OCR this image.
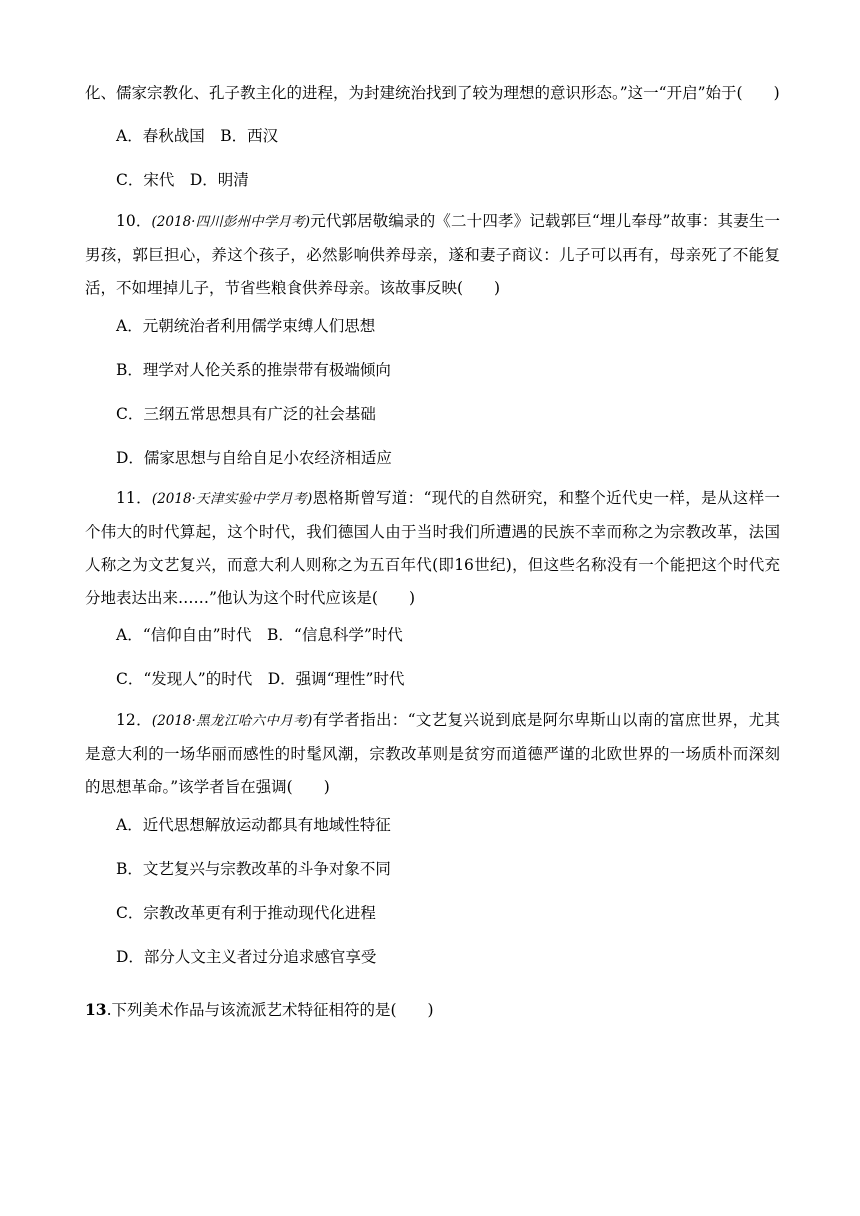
化、儒家宗教化、孔子教主化的进程，为封建统治找到了较为理想的意识形态。”这一“开启”始于(　　)

A．春秋战国　B．西汉

C．宋代　D．明清

10．(2018·四川彭州中学月考)元代郭居敬编录的《二十四孝》记载郭巨“埋儿奉母”故事：其妻生一男孩，郭巨担心，养这个孩子，必然影响供养母亲，遂和妻子商议：儿子可以再有，母亲死了不能复活，不如埋掉儿子，节省些粮食供养母亲。该故事反映(　　)

A．元朝统治者利用儒学束缚人们思想

B．理学对人伦关系的推崇带有极端倾向

C．三纲五常思想具有广泛的社会基础

D．儒家思想与自给自足小农经济相适应

11．(2018·天津实验中学月考)恩格斯曾写道：“现代的自然研究，和整个近代史一样，是从这样一个伟大的时代算起，这个时代，我们德国人由于当时我们所遭遇的民族不幸而称之为宗教改革，法国人称之为文艺复兴，而意大利人则称之为五百年代(即16世纪)，但这些名称没有一个能把这个时代充分地表达出来……”他认为这个时代应该是(　　)

A．“信仰自由”时代　B．“信息科学”时代

C．“发现人”的时代　D．强调“理性”时代

12．(2018·黑龙江哈六中月考)有学者指出：“文艺复兴说到底是阿尔卑斯山以南的富庶世界，尤其是意大利的一场华丽而感性的时髦风潮，宗教改革则是贫穷而道德严谨的北欧世界的一场质朴而深刻的思想革命。”该学者旨在强调(　　)

A．近代思想解放运动都具有地域性特征

B．文艺复兴与宗教改革的斗争对象不同

C．宗教改革更有利于推动现代化进程

D．部分人文主义者过分追求感官享受

13.下列美术作品与该流派艺术特征相符的是(　　)
